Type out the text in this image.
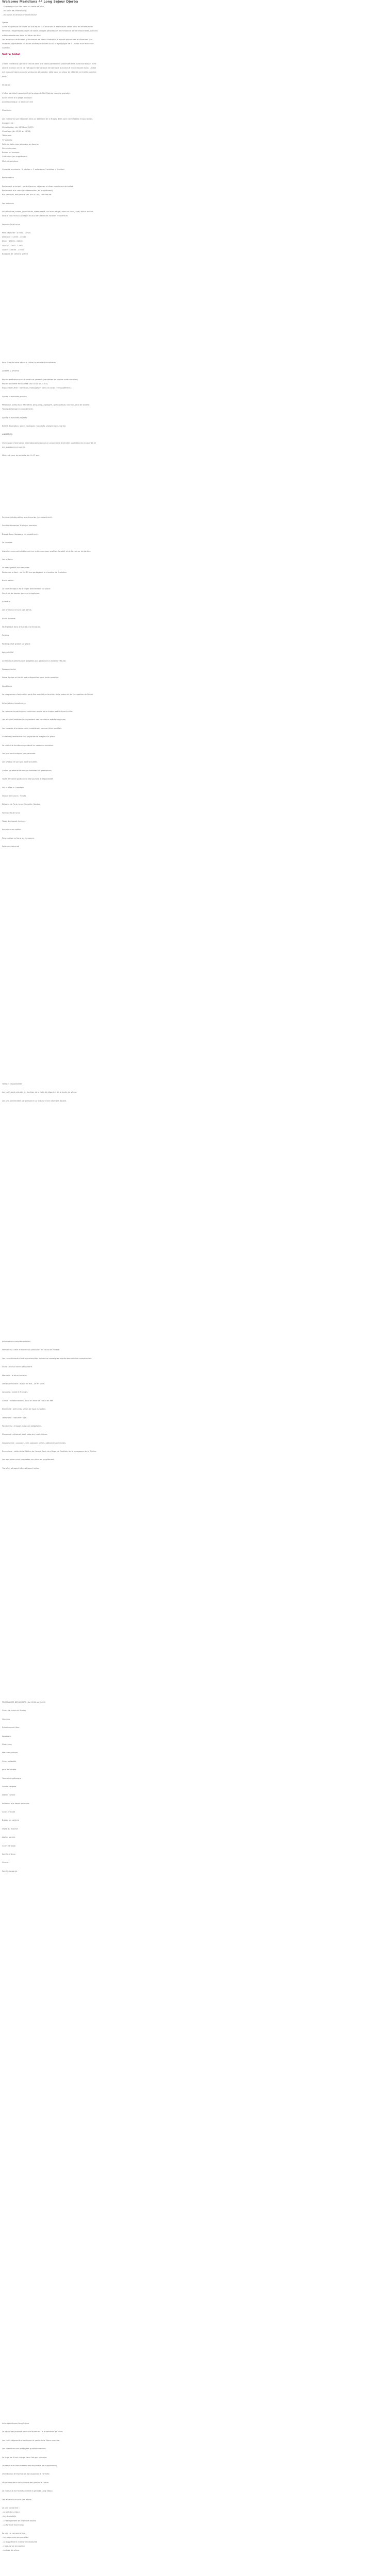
Welcome Meridiana 4* Long Séjour Djerba
- Le prestige d'un lieu dans un cadre de rêve
- Un hôtel de charme cosy
- Un séjour à l'ambiance chaleureuse
Djerba
Cette magnifique île située au sud-est de la Tunisie est la destination idéale pour les amateurs de farniente. Magnifiques plages de sable, villages pittoresques et l'influence berbère fascinante, cultures méditerranéennes dans un décor de rêve.
Les amateurs de balades y trouveront de beaux itinéraires à travers palmeraies et oliveraies. Les visiteurs apprécieront les souks animés de Houmt Souk, la synagogue de la Ghriba et le musée de Guellala.
Votre hôtel
L'hôtel Meridiana Djerba se trouve dans une vaste palmeraie à proximité de la zone touristique. Il est situé à environ 15 km de l'aéroport international de Djerba et à environ 6 km de Houmt Souk. L'hôtel est implanté dans un cadre verdoyant et paisible, idéal pour un séjour de détente en famille ou entre amis.
Situation
L'hôtel est situé à proximité de la plage de Sidi Mahrez (navette gratuite).
Accès direct à la plage publique.
Zone touristique : à environ 5 km
Chambres
Les chambres sont réparties dans un bâtiment de 2 étages. Elles sont confortables et spacieuses, équipées de :
Climatisation (du 15/06 au 15/09)
Chauffage (du 15/11 au 15/03)
Téléphone
TV satellite
Salle de bain avec baignoire ou douche
Sèche-cheveux
Balcon ou terrasse
Coffre-fort (en supplément)
Mini-réfrigérateur
Capacité maximale : 2 adultes + 2 enfants ou 3 adultes + 1 enfant
Restauration
Restaurant principal : petit déjeuner, déjeuner et dîner sous forme de buffet.
Restaurant à la carte (sur réservation, en supplément).
Bar principal, bar piscine (de 10h à 23h), café maure.
Les boissons
Eau minérale, sodas, jus de fruits, bière locale, vin local (rouge, blanc et rosé), café, thé et alcools locaux sont inclus aux repas et aux bars selon les horaires d'ouverture.
Formule Tout Inclus
Petit-déjeuner : 07h00 - 10h00
Déjeuner : 12h30 - 14h30
Dîner : 19h00 - 21h30
Snack : 11h00 - 17h00
Goûter : 16h00 - 17h00
Boissons de 10h00 à 23h00
Pour faire de votre séjour à l'hôtel un moment inoubliable.
LOISIRS & SPORTS
Piscine extérieure avec transats et parasols (serviettes de piscine contre caution).
Piscine couverte et chauffée (du 01/11 au 31/03).
Espace bien-être : hammam, massages et soins du corps (en supplément).
Sports et activités gratuits
Pétanque, volley-ball, fléchettes, ping-pong, aquagym, gymnastique, tournois, jeux de société.
Tennis (éclairage en supplément).
Sports et activités payants
Billard, équitation, sports nautiques motorisés, plongée sous-marine.
ANIMATION
Une équipe d'animation internationale propose un programme d'activités quotidiennes en journée et des spectacles en soirée.
Mini-club pour les enfants de 4 à 12 ans.
Service de baby-sitting sur demande (en supplément).
Soirées dansantes 3 fois par semaine.
Discothèque (boissons en supplément).
La terrasse
Installez-vous confortablement sur la terrasse pour profiter du soleil et de la vue sur les jardins.
Les enfants
Lit bébé gratuit sur demande.
Réduction enfant : de 2 à 12 ans partageant la chambre de 2 adultes.
Bon à savoir
La taxe de séjour est à régler directement sur place.
Des frais de dossier peuvent s'appliquer.
Animaux
Les animaux ne sont pas admis.
Accès Internet
Wi-Fi gratuit dans le hall et à la réception.
Parking
Parking privé gratuit sur place.
Accessibilité
Certaines chambres sont adaptées aux personnes à mobilité réduite.
Nous contacter
Notre équipe se tient à votre disposition pour toute question.
Conditions
Le programme d'animation peut être modifié en fonction de la saison et de l'occupation de l'hôtel.
Informations importantes
Le nombre de participants minimum requis pour chaque activité peut varier.
Les activités extérieures dépendent des conditions météorologiques.
Les horaires d'ouverture des installations peuvent être modifiés.
Certaines prestations sont payantes et à régler sur place.
Le mini-club fonctionne pendant les vacances scolaires.
Les prix sont indiqués par personne.
Les photos ne sont pas contractuelles.
L'hôtel se réserve le droit de modifier ses prestations.
Toute demande particulière est soumise à disponibilité.
Vol + Hôtel + Transferts
Séjour de 8 jours / 7 nuits
Départs de Paris, Lyon, Marseille, Nantes
Formule Tout Inclus
Taxes d'aéroport incluses
Assurance en option
Réservation en ligne ou en agence
Paiement sécurisé
Tarifs et disponibilités
Les tarifs sont calculés en fonction de la date de départ et de la durée du séjour.
Les prix s'entendent par personne sur la base d'une chambre double.
Informations complémentaires
Formalités : carte d'identité ou passeport en cours de validité.
Les ressortissants d'autres nationalités doivent se renseigner auprès des autorités compétentes.
Santé : aucun vaccin obligatoire.
Monnaie : le dinar tunisien.
Décalage horaire : aucun en été, -1h en hiver.
Langues : arabe et français.
Climat : méditerranéen, doux en hiver et chaud en été.
Electricité : 220 volts, prises de type européen.
Téléphone : indicatif +216.
Pourboires : d'usage mais non obligatoires.
Shopping : artisanat local, poteries, tapis, bijoux.
Gastronomie : couscous, brik, poissons grillés, pâtisseries orientales.
Excursions : visite de la Médina de Houmt Souk, du village de Guellala, de la synagogue de la Ghriba.
Les excursions sont proposées sur place en supplément.
Transfert aéroport-hôtel-aéroport inclus.
PROGRAMME DES LOISIRS (du 01/11 au 31/03)
Cours de tennis et fitness
Horaires
Entraînement libre
Aquagym
Stretching
Marche nordique
Cours collectifs
Jeux de société
Tournoi de pétanque
Soirée à thème
Atelier cuisine
Initiation à la danse orientale
Cours d'arabe
Balade en calèche
Visite du marché
Atelier poterie
Cours de yoga
Soirée cinéma
Concert
Soirée dansante
Infos spécifiques Long Séjour
Le séjour est proposé pour une durée de 2 à 8 semaines en hiver.
Les tarifs dégressifs s'appliquent à partir de la 3ème semaine.
Les chambres sont nettoyées quotidiennement.
Le linge de lit est changé deux fois par semaine.
Un service de blanchisserie est disponible (en supplément).
Une réunion d'information est organisée à l'arrivée.
Un interlocuteur francophone est présent à l'hôtel.
Le mini-club est fermé pendant la période Long Séjour.
Les animaux ne sont pas admis.
Le prix comprend :
- Le vol aller-retour
- Les transferts
- L'hébergement en chambre double
- La formule Tout Inclus
Le prix ne comprend pas :
- Les dépenses personnelles
- Le supplément chambre individuelle
- L'assurance annulation
- La taxe de séjour
